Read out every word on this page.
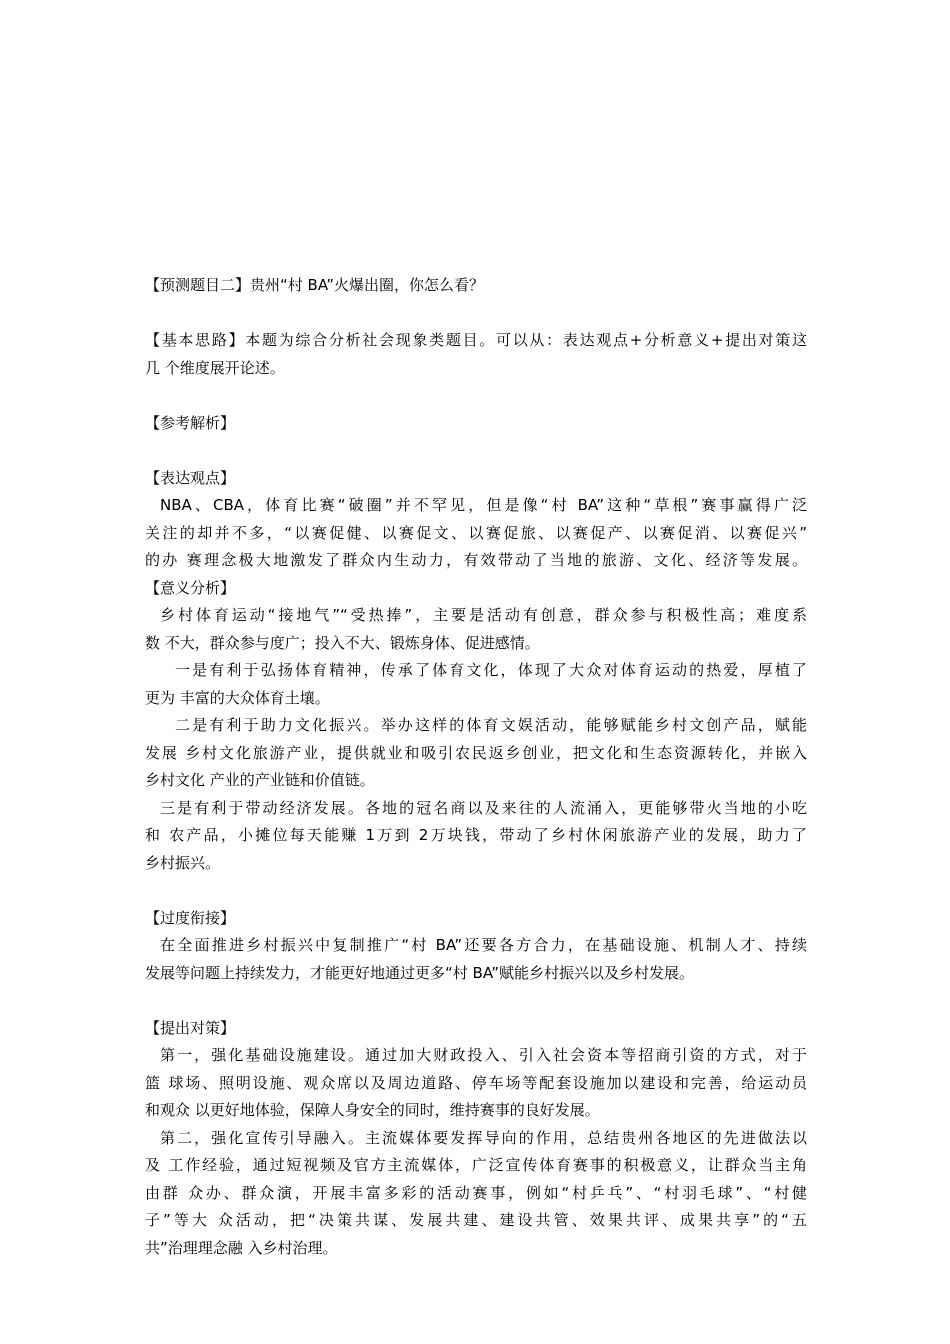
【预测题目二】贵州“村 BA”火爆出圈，你怎么看？
【基本思路】本题为综合分析社会现象类题目。可以从：表达观点+分析意义+提出对策这
几 个维度展开论述。
【参考解析】
【表达观点】
NBA、CBA，体育比赛“破圈”并不罕见，但是像“村 BA”这种“草根”赛事赢得广泛
关注的却并不多，“以赛促健、以赛促文、以赛促旅、以赛促产、以赛促消、以赛促兴”
的办 赛理念极大地激发了群众内生动力，有效带动了当地的旅游、文化、经济等发展。
【意义分析】
乡村体育运动“接地气”“受热捧”，主要是活动有创意，群众参与积极性高；难度系
数 不大，群众参与度广；投入不大、锻炼身体、促进感情。
一是有利于弘扬体育精神，传承了体育文化，体现了大众对体育运动的热爱，厚植了
更为 丰富的大众体育土壤。
二是有利于助力文化振兴。举办这样的体育文娱活动，能够赋能乡村文创产品，赋能
发展 乡村文化旅游产业，提供就业和吸引农民返乡创业，把文化和生态资源转化，并嵌入
乡村文化 产业的产业链和价值链。
三是有利于带动经济发展。各地的冠名商以及来往的人流涌入，更能够带火当地的小吃
和 农产品，小摊位每天能赚 1万到 2万块钱，带动了乡村休闲旅游产业的发展，助力了
乡村振兴。
【过度衔接】
在全面推进乡村振兴中复制推广“村 BA”还要各方合力，在基础设施、机制人才、持续
发展等问题上持续发力，才能更好地通过更多“村 BA”赋能乡村振兴以及乡村发展。
【提出对策】
第一，强化基础设施建设。通过加大财政投入、引入社会资本等招商引资的方式，对于
篮 球场、照明设施、观众席以及周边道路、停车场等配套设施加以建设和完善，给运动员
和观众 以更好地体验，保障人身安全的同时，维持赛事的良好发展。
第二，强化宣传引导融入。主流媒体要发挥导向的作用，总结贵州各地区的先进做法以
及 工作经验，通过短视频及官方主流媒体，广泛宣传体育赛事的积极意义，让群众当主角
由群 众办、群众演，开展丰富多彩的活动赛事，例如“村乒乓”、“村羽毛球”、“村健
子”等大 众活动，把“决策共谋、发展共建、建设共管、效果共评、成果共享”的“五
共”治理理念融 入乡村治理。
